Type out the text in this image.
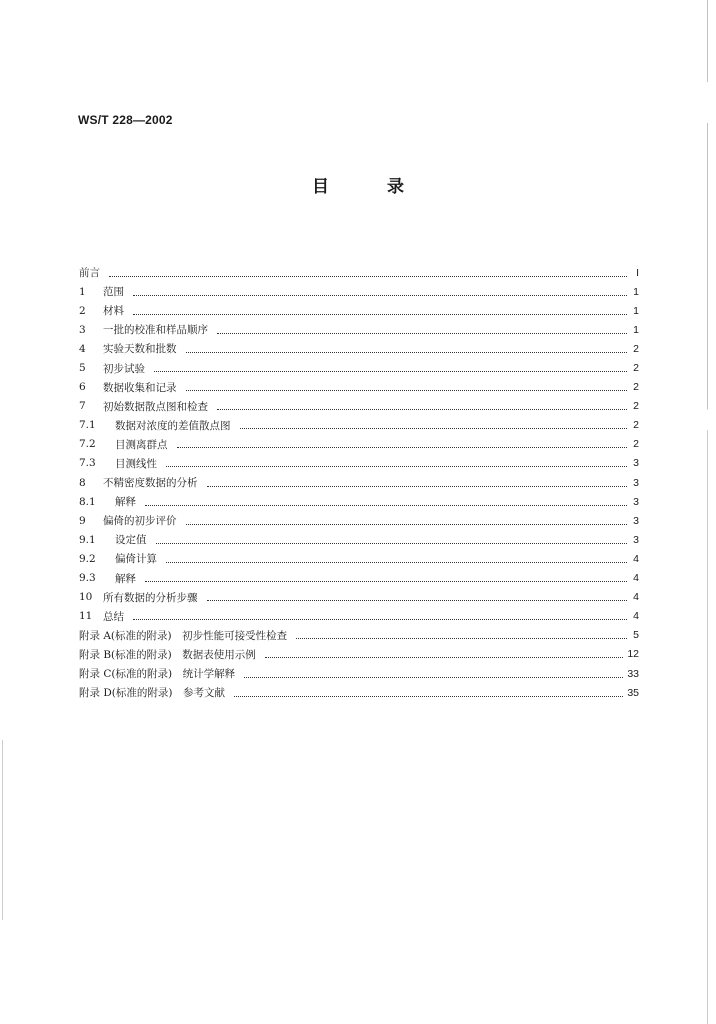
WS/T 228—2002
目	录
前言	I
1	范围	1
2	材料	1
3	一批的校准和样品顺序	1
4	实验天数和批数	2
5	初步试验	2
6	数据收集和记录	2
7	初始数据散点图和检查	2
7.1	数据对浓度的差值散点图	2
7.2	目测离群点	2
7.3	目测线性	3
8	不精密度数据的分析	3
8.1	解释	3
9	偏倚的初步评价	3
9.1	设定值	3
9.2	偏倚计算	4
9.3	解释	4
10	所有数据的分析步骤	4
11	总结	4
附录 A(标准的附录)　初步性能可接受性检查	5
附录 B(标准的附录)　数据表使用示例	12
附录 C(标准的附录)　统计学解释	33
附录 D(标准的附录)　参考文献	35
